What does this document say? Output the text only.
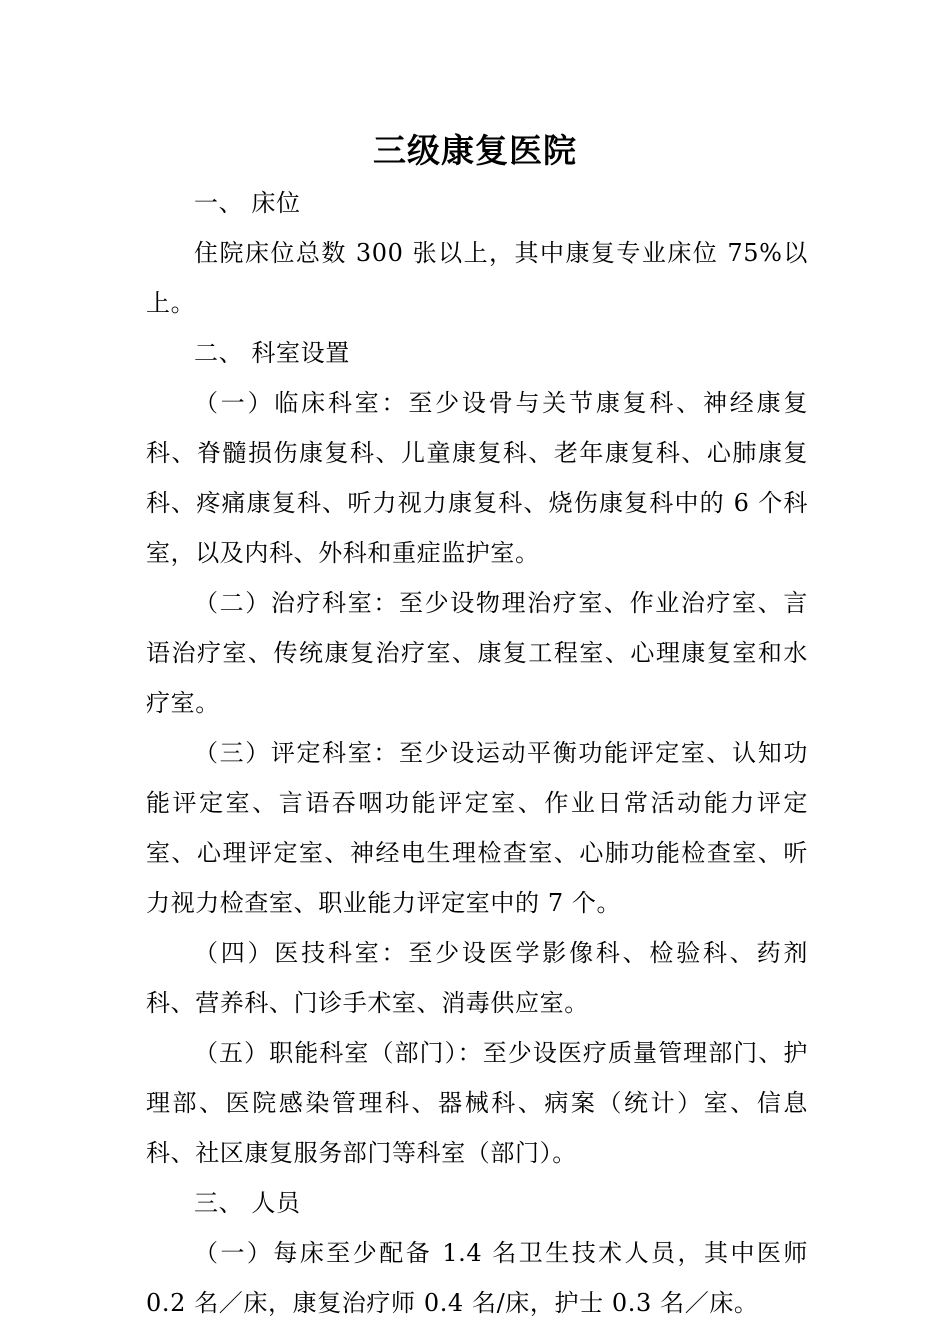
三级康复医院

一、 床位

住院床位总数 300 张以上，其中康复专业床位 75%以上。

二、 科室设置

（一）临床科室：至少设骨与关节康复科、神经康复科、脊髓损伤康复科、儿童康复科、老年康复科、心肺康复科、疼痛康复科、听力视力康复科、烧伤康复科中的 6 个科室，以及内科、外科和重症监护室。

（二）治疗科室：至少设物理治疗室、作业治疗室、言语治疗室、传统康复治疗室、康复工程室、心理康复室和水疗室。

（三）评定科室：至少设运动平衡功能评定室、认知功能评定室、言语吞咽功能评定室、作业日常活动能力评定室、心理评定室、神经电生理检查室、心肺功能检查室、听力视力检查室、职业能力评定室中的 7 个。

（四）医技科室：至少设医学影像科、检验科、药剂科、营养科、门诊手术室、消毒供应室。

（五）职能科室（部门）：至少设医疗质量管理部门、护理部、医院感染管理科、器械科、病案（统计）室、信息科、社区康复服务部门等科室（部门）。

三、 人员

（一）每床至少配备 1.4 名卫生技术人员，其中医师 0.2 名／床，康复治疗师 0.4 名/床，护士 0.3 名／床。
